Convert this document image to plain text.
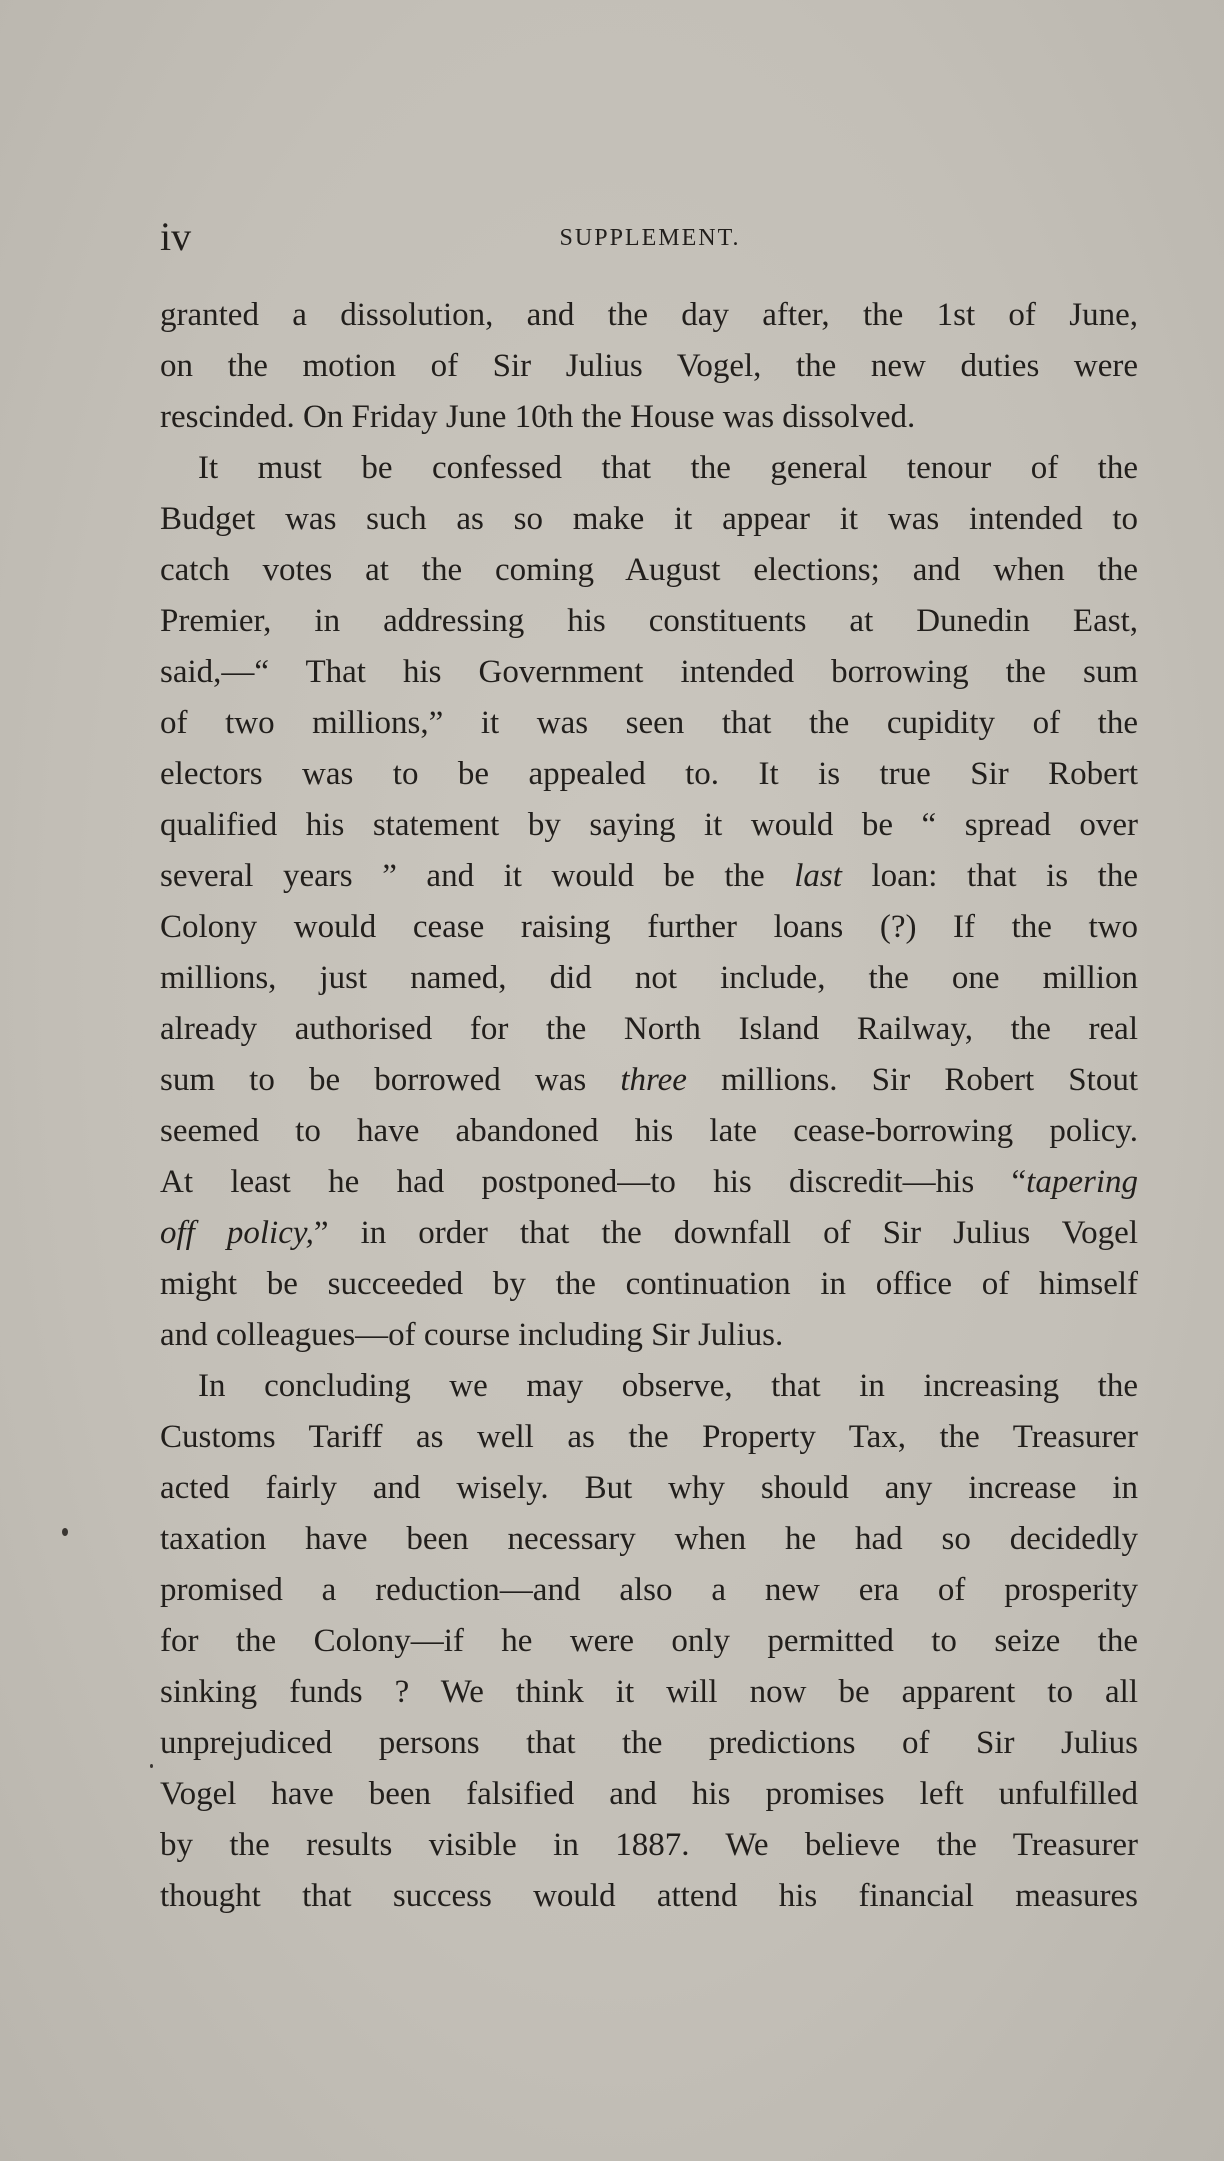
iv	SUPPLEMENT.
granted a dissolution, and the day after, the 1st of June,
on the motion of Sir Julius Vogel, the new duties were
rescinded. On Friday June 10th the House was dissolved.
It must be confessed that the general tenour of the
Budget was such as so make it appear it was intended to
catch votes at the coming August elections; and when the
Premier, in addressing his constituents at Dunedin East,
said,—“ That his Government intended borrowing the sum
of two millions,” it was seen that the cupidity of the
electors was to be appealed to. It is true Sir Robert
qualified his statement by saying it would be “ spread over
several years ” and it would be the last loan: that is the
Colony would cease raising further loans (?) If the two
millions, just named, did not include, the one million
already authorised for the North Island Railway, the real
sum to be borrowed was three millions. Sir Robert Stout
seemed to have abandoned his late cease-borrowing policy.
At least he had postponed—to his discredit—his “tapering
off policy,” in order that the downfall of Sir Julius Vogel
might be succeeded by the continuation in office of himself
and colleagues—of course including Sir Julius.
In concluding we may observe, that in increasing the
Customs Tariff as well as the Property Tax, the Treasurer
acted fairly and wisely. But why should any increase in
taxation have been necessary when he had so decidedly
promised a reduction—and also a new era of prosperity
for the Colony—if he were only permitted to seize the
sinking funds ? We think it will now be apparent to all
unprejudiced persons that the predictions of Sir Julius
Vogel have been falsified and his promises left unfulfilled
by the results visible in 1887. We believe the Treasurer
thought that success would attend his financial measures
